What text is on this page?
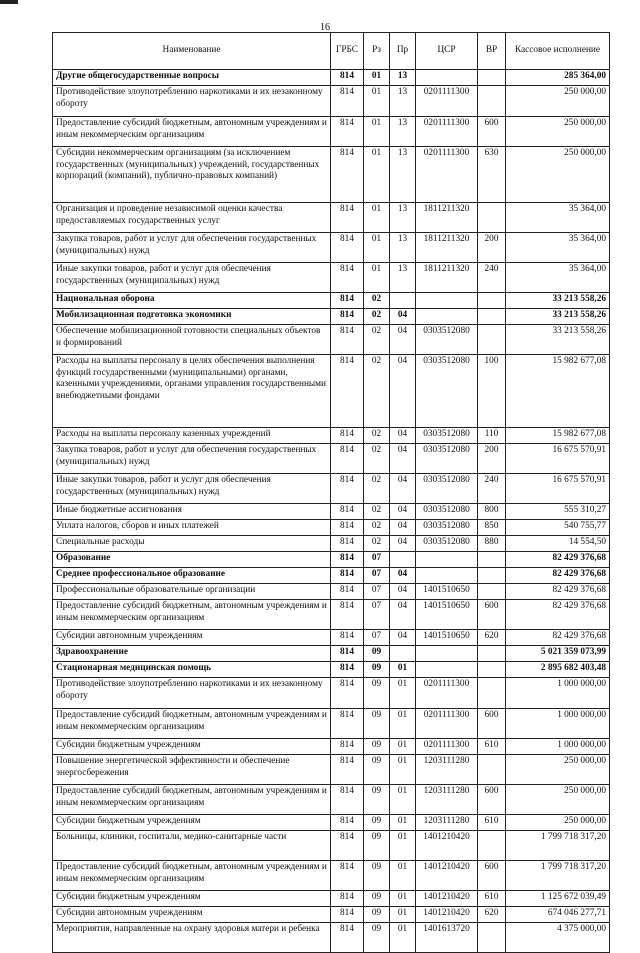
16
Наименование	ГРБС	Рз	Пр	ЦСР	ВР	Кассовое исполнение
Другие общегосударственные вопросы	814	01	13			285 364,00
Противодействие злоупотреблению наркотиками и их незаконному обороту	814	01	13	0201111300		250 000,00
Предоставление субсидий бюджетным, автономным учреждениям и иным некоммерческим организациям	814	01	13	0201111300	600	250 000,00
Субсидии некоммерческим организациям (за исключением государственных (муниципальных) учреждений, государственных корпораций (компаний), публично-правовых компаний)	814	01	13	0201111300	630	250 000,00
Организация и проведение независимой оценки качества предоставляемых государственных услуг	814	01	13	1811211320		35 364,00
Закупка товаров, работ и услуг для обеспечения государственных (муниципальных) нужд	814	01	13	1811211320	200	35 364,00
Иные закупки товаров, работ и услуг для обеспечения государственных (муниципальных) нужд	814	01	13	1811211320	240	35 364,00
Национальная оборона	814	02				33 213 558,26
Мобилизационная подготовка экономики	814	02	04			33 213 558,26
Обеспечение мобилизационной готовности специальных объектов и формирований	814	02	04	0303512080		33 213 558,26
Расходы на выплаты персоналу в целях обеспечения выполнения функций государственными (муниципальными) органами, казенными учреждениями, органами управления государственными внебюджетными фондами	814	02	04	0303512080	100	15 982 677,08
Расходы на выплаты персоналу казенных учреждений	814	02	04	0303512080	110	15 982 677,08
Закупка товаров, работ и услуг для обеспечения государственных (муниципальных) нужд	814	02	04	0303512080	200	16 675 570,91
Иные закупки товаров, работ и услуг для обеспечения государственных (муниципальных) нужд	814	02	04	0303512080	240	16 675 570,91
Иные бюджетные ассигнования	814	02	04	0303512080	800	555 310,27
Уплата налогов, сборов и иных платежей	814	02	04	0303512080	850	540 755,77
Специальные расходы	814	02	04	0303512080	880	14 554,50
Образование	814	07				82 429 376,68
Среднее профессиональное образование	814	07	04			82 429 376,68
Профессиональные образовательные организации	814	07	04	1401510650		82 429 376,68
Предоставление субсидий бюджетным, автономным учреждениям и иным некоммерческим организациям	814	07	04	1401510650	600	82 429 376,68
Субсидии автономным учреждениям	814	07	04	1401510650	620	82 429 376,68
Здравоохранение	814	09				5 021 359 073,99
Стационарная медицинская помощь	814	09	01			2 895 682 403,48
Противодействие злоупотреблению наркотиками и их незаконному обороту	814	09	01	0201111300		1 000 000,00
Предоставление субсидий бюджетным, автономным учреждениям и иным некоммерческим организациям	814	09	01	0201111300	600	1 000 000,00
Субсидии бюджетным учреждениям	814	09	01	0201111300	610	1 000 000,00
Повышение энергетической эффективности и обеспечение энергосбережения	814	09	01	1203111280		250 000,00
Предоставление субсидий бюджетным, автономным учреждениям и иным некоммерческим организациям	814	09	01	1203111280	600	250 000,00
Субсидии бюджетным учреждениям	814	09	01	1203111280	610	250 000,00
Больницы, клиники, госпитали, медико-санитарные части	814	09	01	1401210420		1 799 718 317,20
Предоставление субсидий бюджетным, автономным учреждениям и иным некоммерческим организациям	814	09	01	1401210420	600	1 799 718 317,20
Субсидии бюджетным учреждениям	814	09	01	1401210420	610	1 125 672 039,49
Субсидии автономным учреждениям	814	09	01	1401210420	620	674 046 277,71
Мероприятия, направленные на охрану здоровья матери и ребенка	814	09	01	1401613720		4 375 000,00
